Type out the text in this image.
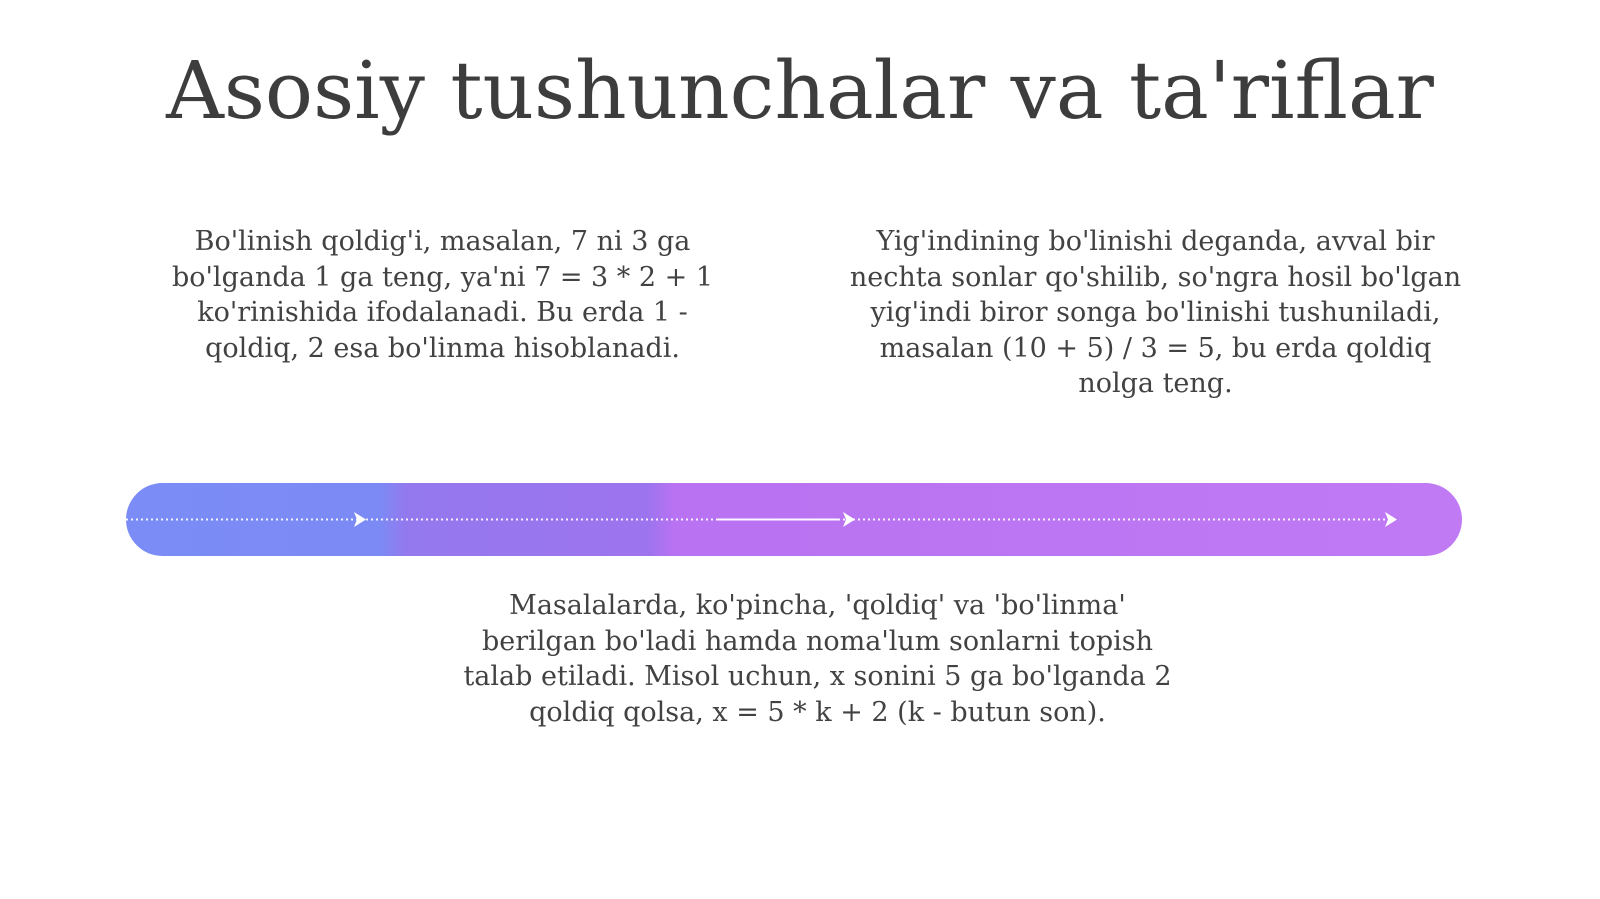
Asosiy tushunchalar va ta'riflar
Bo'linish qoldig'i, masalan, 7 ni 3 ga bo'lganda 1 ga teng, ya'ni 7 = 3 * 2 + 1 ko'rinishida ifodalanadi. Bu erda 1 - qoldiq, 2 esa bo'linma hisoblanadi.
Yig'indining bo'linishi deganda, avval bir nechta sonlar qo'shilib, so'ngra hosil bo'lgan yig'indi biror songa bo'linishi tushuniladi, masalan (10 + 5) / 3 = 5, bu erda qoldiq nolga teng.
Masalalarda, ko'pincha, 'qoldiq' va 'bo'linma' berilgan bo'ladi hamda noma'lum sonlarni topish talab etiladi. Misol uchun, x sonini 5 ga bo'lganda 2 qoldiq qolsa, x = 5 * k + 2 (k - butun son).
